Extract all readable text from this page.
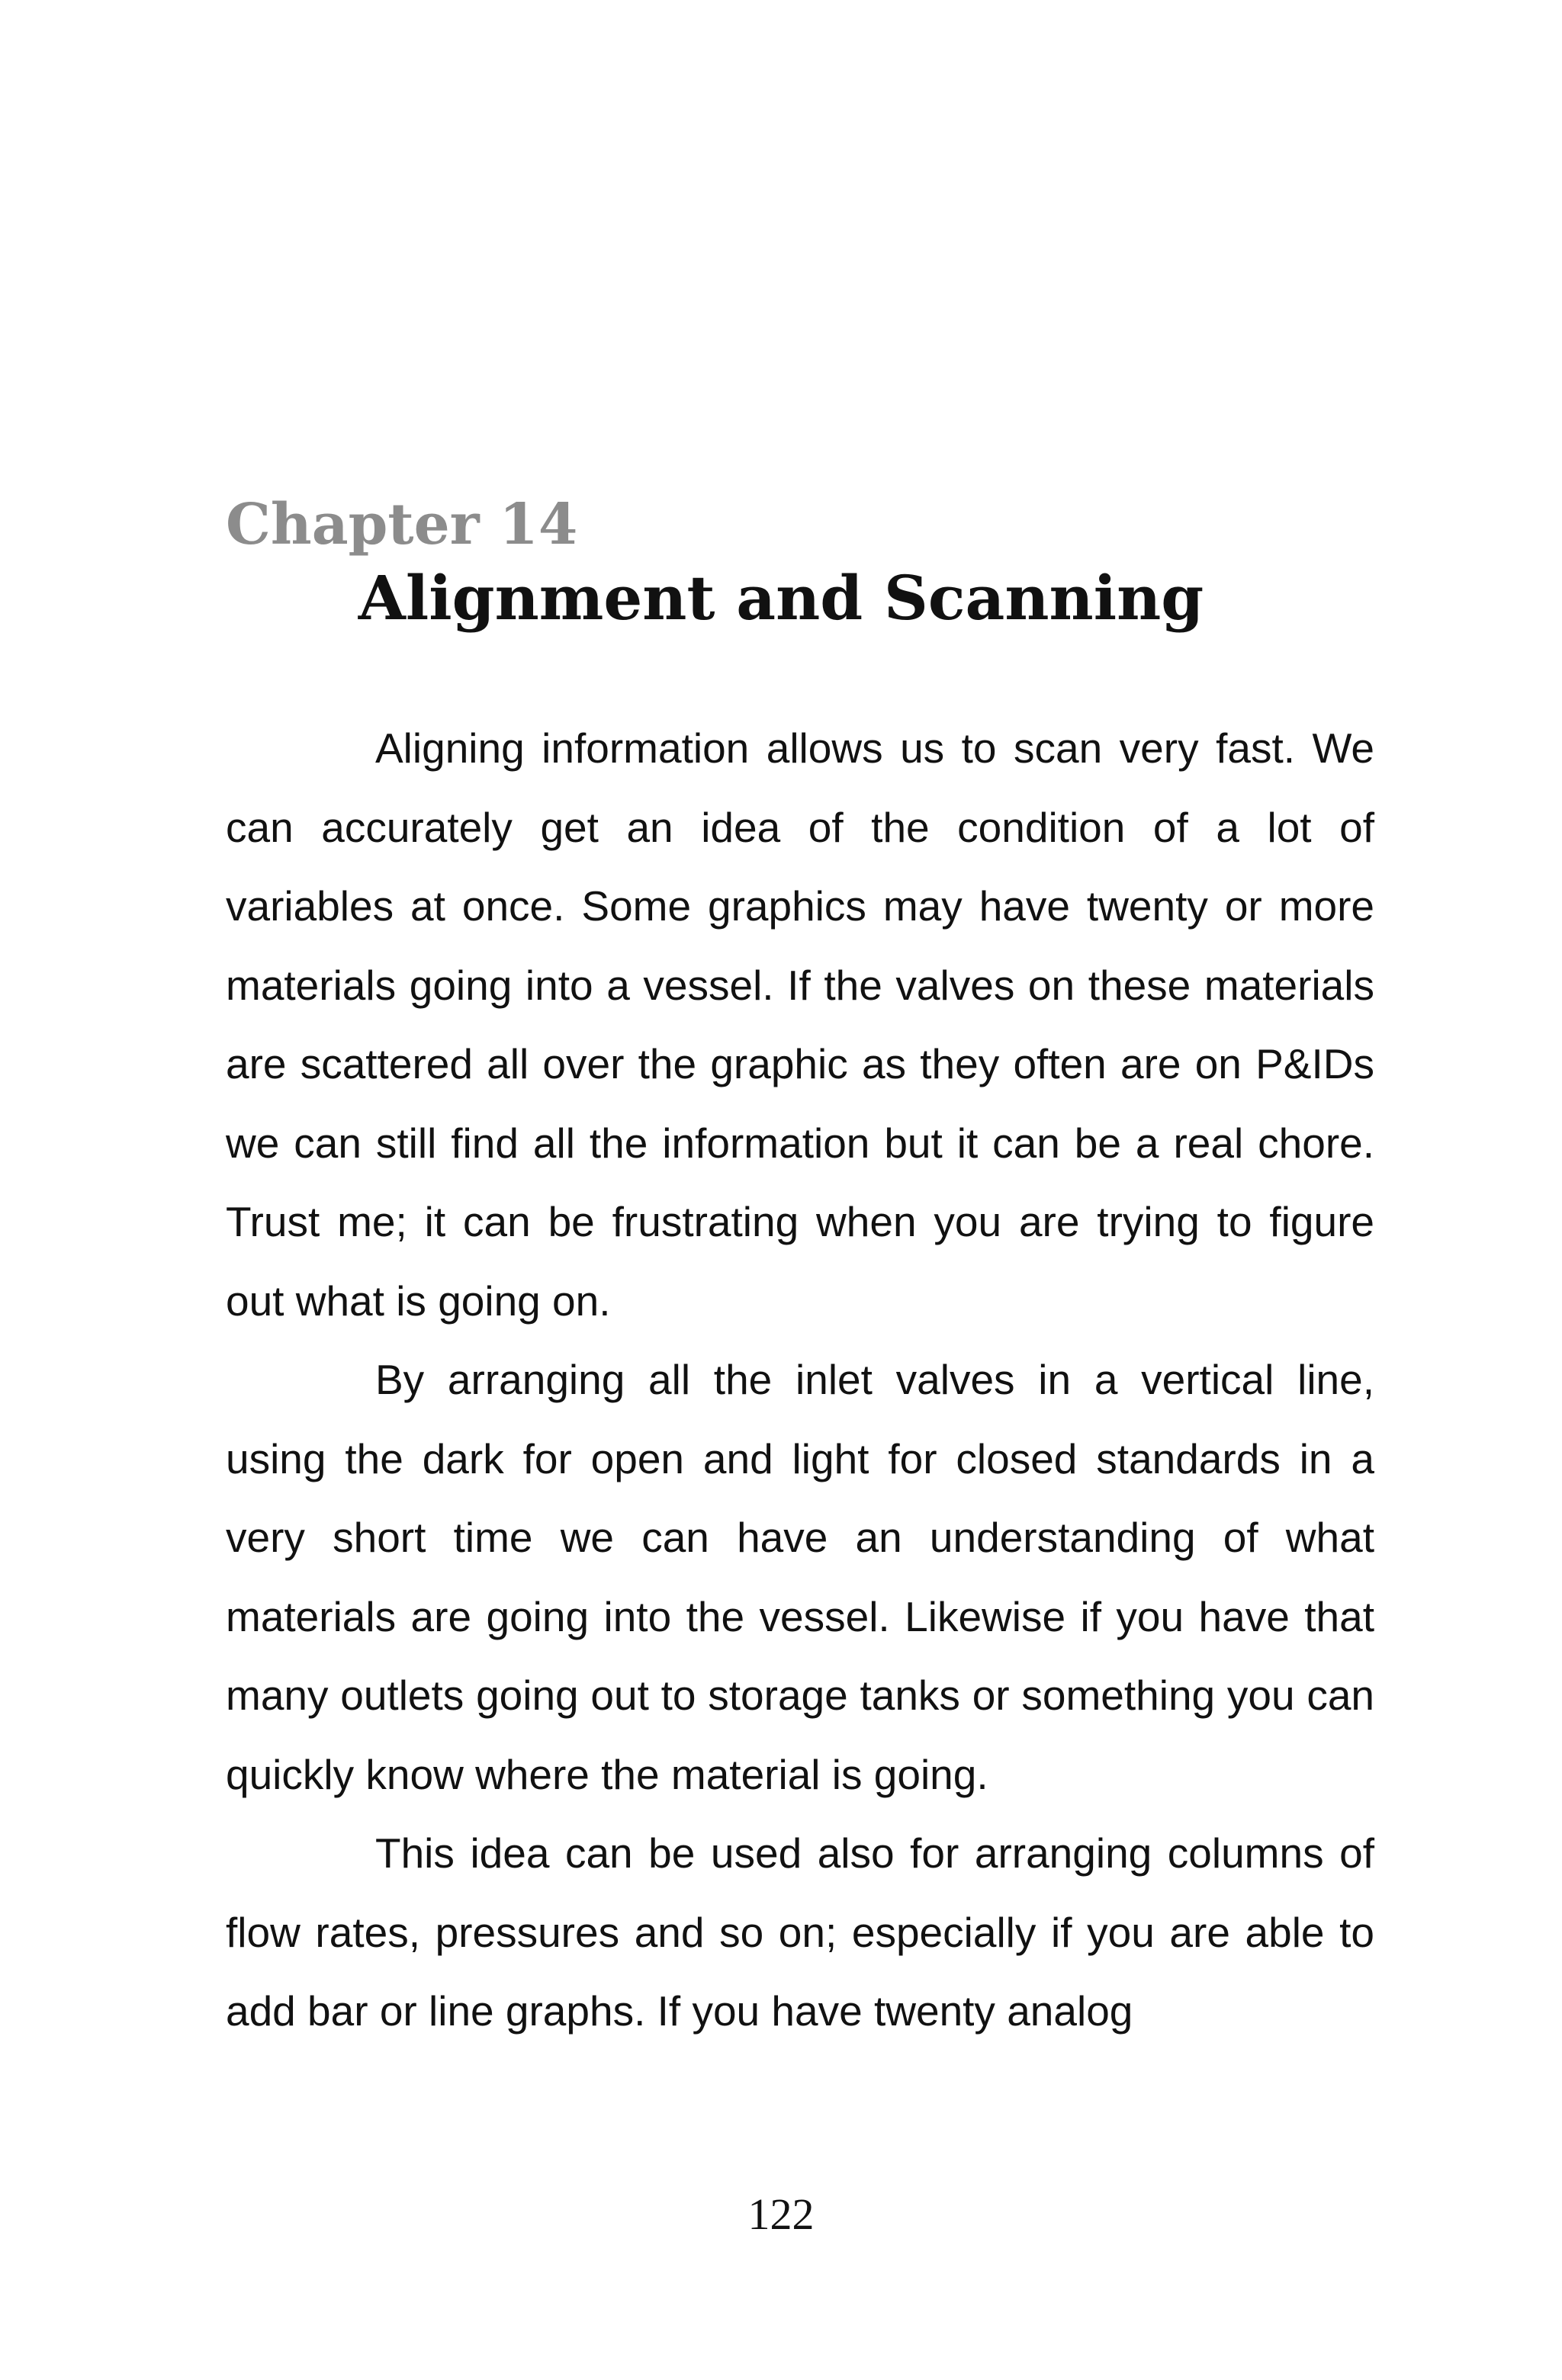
Chapter 14
Alignment and Scanning

Aligning information allows us to scan very fast. We can accurately get an idea of the condition of a lot of variables at once. Some graphics may have twenty or more materials going into a vessel. If the valves on these materials are scattered all over the graphic as they often are on P&IDs we can still find all the information but it can be a real chore. Trust me; it can be frustrating when you are trying to figure out what is going on.

By arranging all the inlet valves in a vertical line, using the dark for open and light for closed standards in a very short time we can have an understanding of what materials are going into the vessel. Likewise if you have that many outlets going out to storage tanks or something you can quickly know where the material is going.

This idea can be used also for arranging columns of flow rates, pressures and so on; especially if you are able to add bar or line graphs. If you have twenty analog

122
